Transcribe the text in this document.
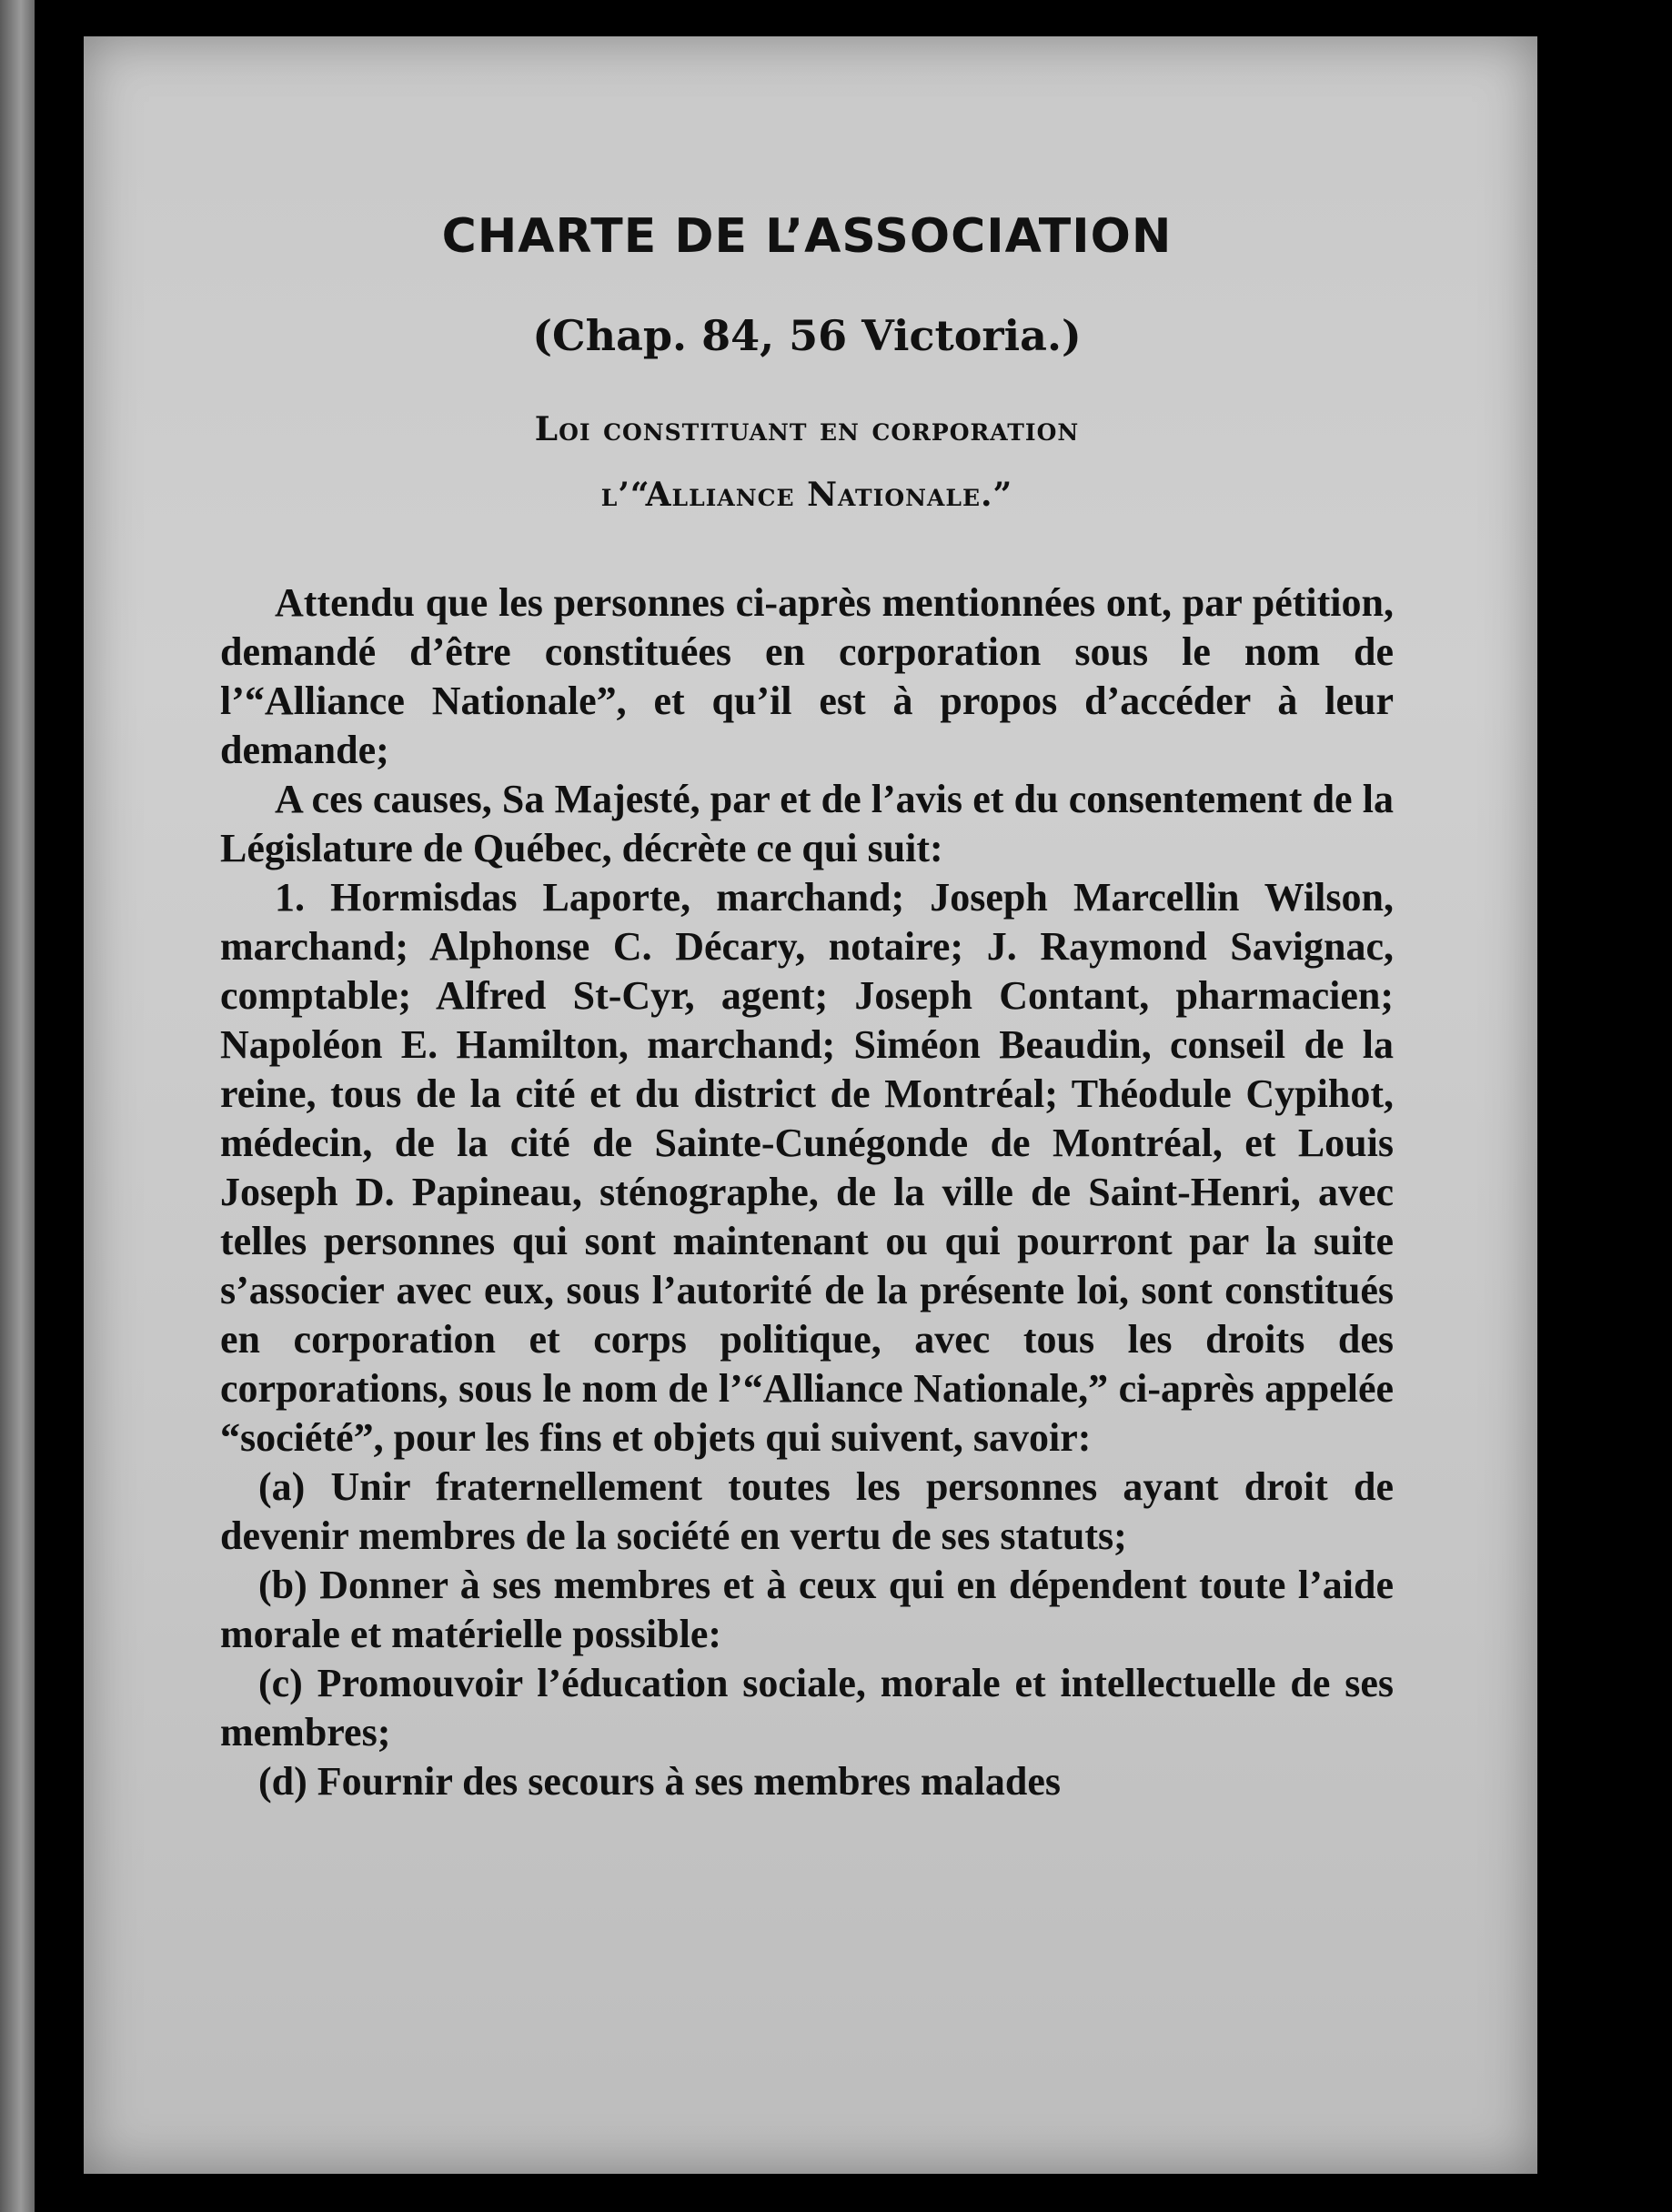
CHARTE DE L’ASSOCIATION
(Chap. 84, 56 Victoria.)
Loi constituant en corporation
l’“Alliance Nationale.”

Attendu que les personnes ci-après mentionnées ont, par pétition, demandé d’être constituées en corporation sous le nom de l’“Alliance Nationale”, et qu’il est à propos d’accéder à leur demande;

A ces causes, Sa Majesté, par et de l’avis et du consentement de la Législature de Québec, décrète ce qui suit:

1. Hormisdas Laporte, marchand; Joseph Marcellin Wilson, marchand; Alphonse C. Décary, notaire; J. Raymond Savignac, comptable; Alfred St-Cyr, agent; Joseph Contant, pharmacien; Napoléon E. Hamilton, marchand; Siméon Beaudin, conseil de la reine, tous de la cité et du district de Montréal; Théodule Cypihot, médecin, de la cité de Sainte-Cunégonde de Montréal, et Louis Joseph D. Papineau, sténographe, de la ville de Saint-Henri, avec telles personnes qui sont maintenant ou qui pourront par la suite s’associer avec eux, sous l’autorité de la présente loi, sont constitués en corporation et corps politique, avec tous les droits des corporations, sous le nom de l’“Alliance Nationale,” ci-après appelée “société”, pour les fins et objets qui suivent, savoir:

(a) Unir fraternellement toutes les personnes ayant droit de devenir membres de la société en vertu de ses statuts;

(b) Donner à ses membres et à ceux qui en dépendent toute l’aide morale et matérielle possible:

(c) Promouvoir l’éducation sociale, morale et intellectuelle de ses membres;

(d) Fournir des secours à ses membres malades
